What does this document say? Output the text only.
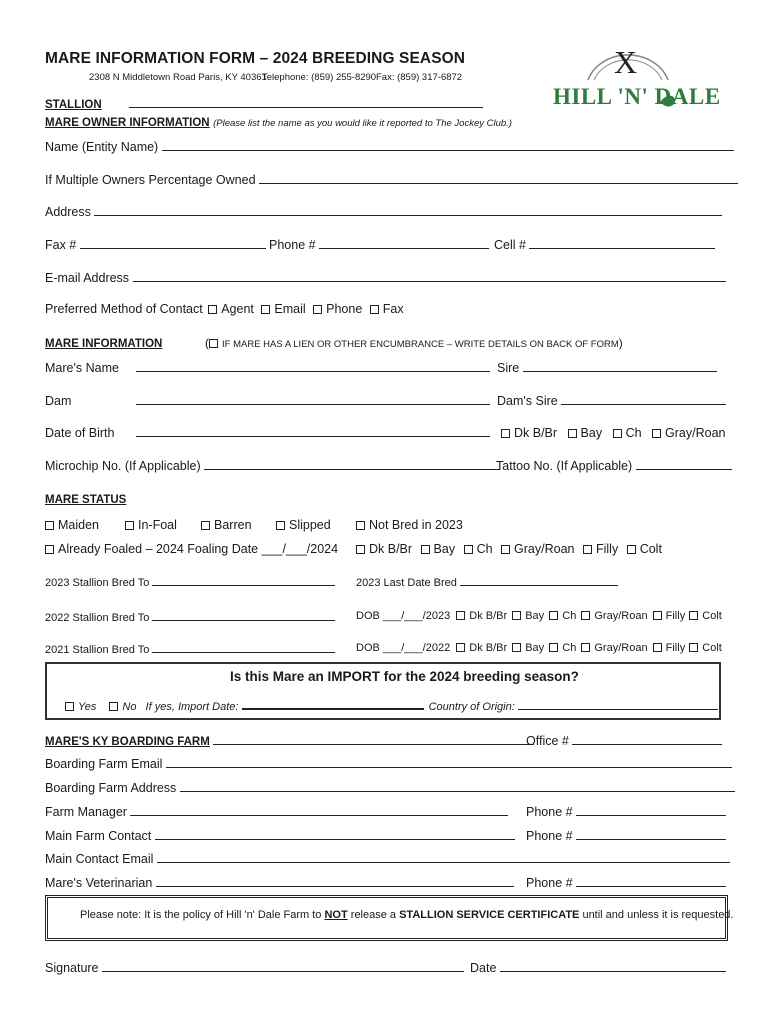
MARE INFORMATION FORM – 2024 BREEDING SEASON
2308 N Middletown Road Paris, KY 40361
Telephone: (859) 255-8290 Fax: (859) 317-6872	X
HILL 'N' DALE
STALLION
MARE OWNER INFORMATION (Please list the name as you would like it reported to The Jockey Club.)
Name (Entity Name)
If Multiple Owners Percentage Owned
Address
Fax #	Phone #	Cell #
E-mail Address
Preferred Method of Contact Agent Email Phone Fax
MARE INFORMATION	( IF MARE HAS A LIEN OR OTHER ENCUMBRANCE – WRITE DETAILS ON BACK OF FORM)
Mare's Name	Sire
Dam	Dam's Sire
Date of Birth	Dk B/Br Bay Ch Gray/Roan
Microchip No. (If Applicable)	Tattoo No. (If Applicable)
MARE STATUS
Maiden	In-Foal	Barren	Slipped	Not Bred in 2023
Already Foaled – 2024 Foaling Date ___/___/2024	Dk B/Br Bay Ch Gray/Roan Filly Colt
2023 Stallion Bred To	2023 Last Date Bred
2022 Stallion Bred To	DOB ___/___/2023 Dk B/Br Bay Ch Gray/Roan Filly Colt
2021 Stallion Bred To	DOB ___/___/2022 Dk B/Br Bay Ch Gray/Roan Filly Colt
Is this Mare an IMPORT for the 2024 breeding season?
Yes No If yes, Import Date:	Country of Origin:
MARE'S KY BOARDING FARM	Office #
Boarding Farm Email
Boarding Farm Address
Farm Manager	Phone #
Main Farm Contact	Phone #
Main Contact Email
Mare's Veterinarian	Phone #
Please note: It is the policy of Hill 'n' Dale Farm to NOT release a STALLION SERVICE CERTIFICATE until and unless it is requested.
Signature	Date
